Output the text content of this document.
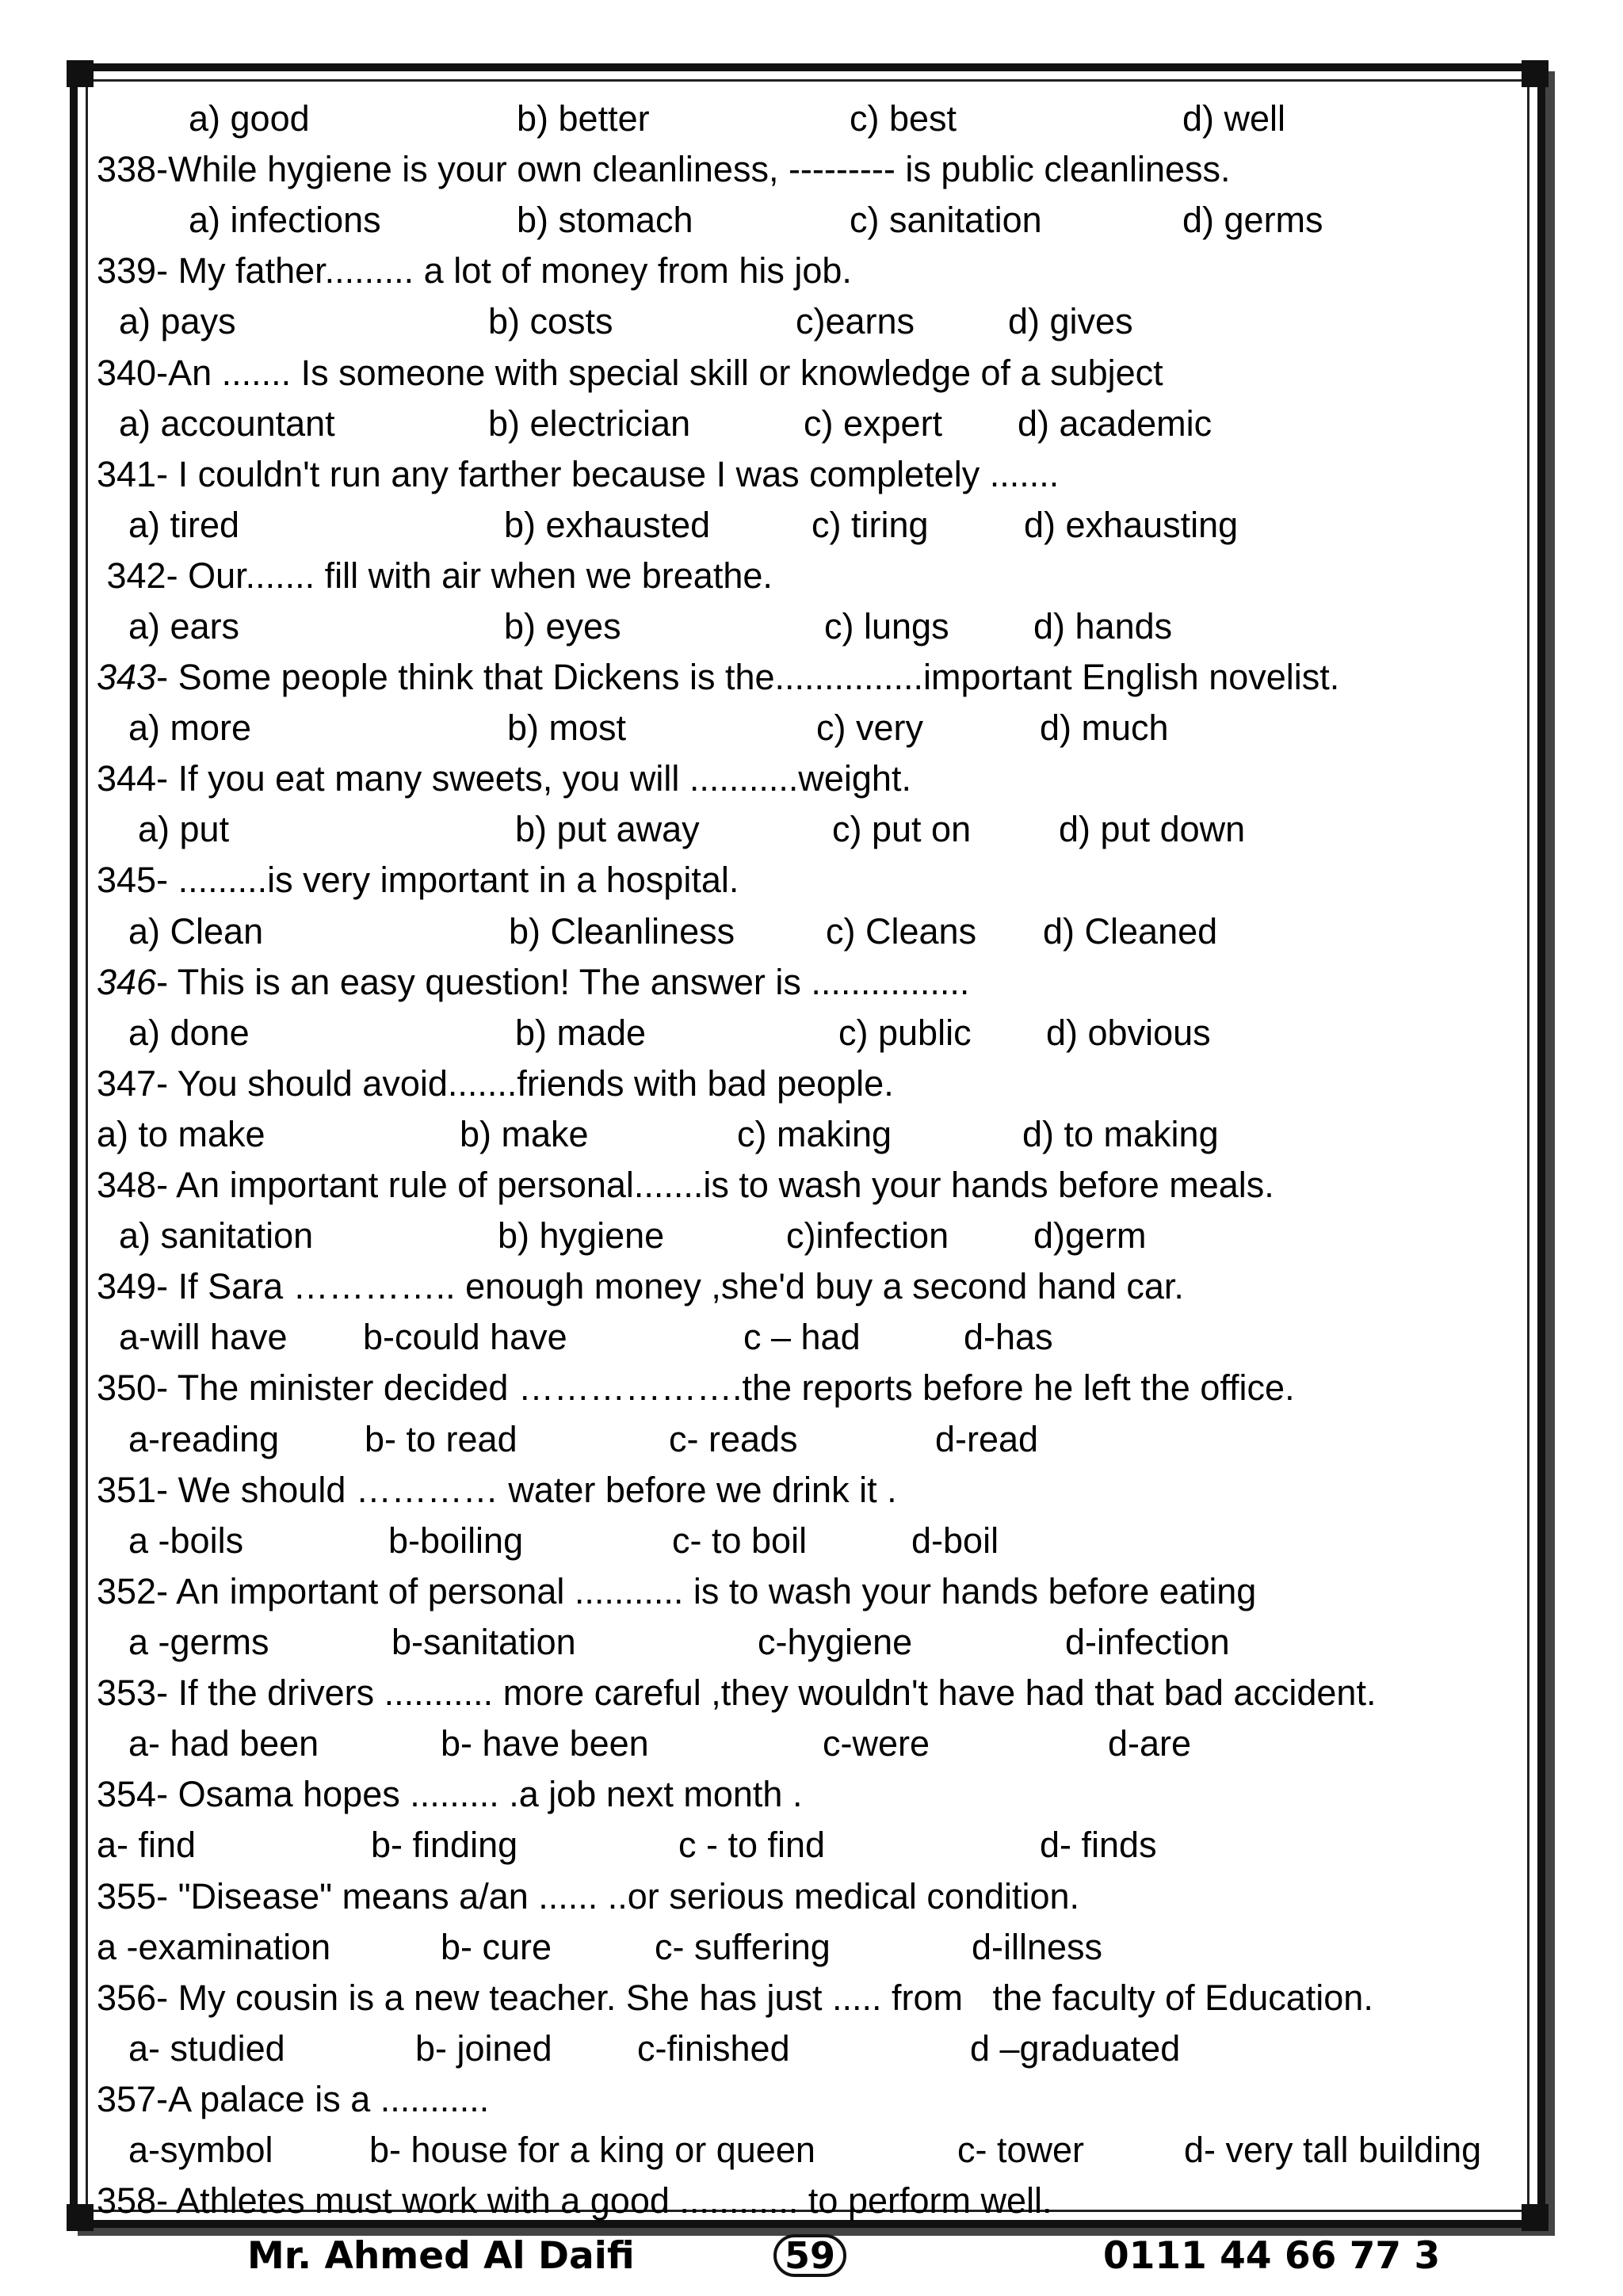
a) good	b) better	c) best	d) well
338-While hygiene is your own cleanliness, --------- is public cleanliness.
a) infections	b) stomach	c) sanitation	d) germs
339- My father......... a lot of money from his job.
a) pays	b) costs	c)earns	d) gives
340-An ....... Is someone with special skill or knowledge of a subject
a) accountant	b) electrician	c) expert d) academic
341- I couldn't run any farther because I was completely .......
a) tired	b) exhausted	c) tiring	d) exhausting
342- Our....... fill with air when we breathe.
a) ears	b) eyes	c) lungs d) hands
343- Some people think that Dickens is the...............important English novelist.
a) more	b) most	c) very	d) much
344- If you eat many sweets, you will ...........weight.
a) put	b) put away	c) put on d) put down
345- .........is very important in a hospital.
a) Clean	b) Cleanliness	c) Cleans d) Cleaned
346- This is an easy question! The answer is ................
a) done	b) made	c) public d) obvious
347- You should avoid.......friends with bad people.
a) to make	b) make	c) making	d) to making
348- An important rule of personal.......is to wash your hands before meals.
a) sanitation	b) hygiene	c)infection d)germ
349- If Sara ………….. enough money ,she'd buy a second hand car.
a-will have b-could have	c – had	d-has
350- The minister decided ……………….the reports before he left the office.
a-reading b- to read	c- reads	d-read
351- We should ………… water before we drink it .
a -boils	b-boiling	c- to boil	d-boil
352- An important of personal ........... is to wash your hands before eating
a -germs	b-sanitation	c-hygiene	d-infection
353- If the drivers ........... more careful ,they wouldn't have had that bad accident.
a- had been	b- have been	c-were	d-are
354- Osama hopes ......... .a job next month .
a- find	b- finding	c - to find	d- finds
355- "Disease" means a/an ...... ..or serious medical condition.
a -examination	b- cure	c- suffering	d-illness
356- My cousin is a new teacher. She has just ..... from   the faculty of Education.
a- studied	b- joined c-finished	d –graduated
357-A palace is a ...........
a-symbol	b- house for a king or queen	c- tower	d- very tall building
358- Athletes must work with a good ............ to perform well.
Mr. Ahmed Al Daifi	59	0111 44 66 77 3
